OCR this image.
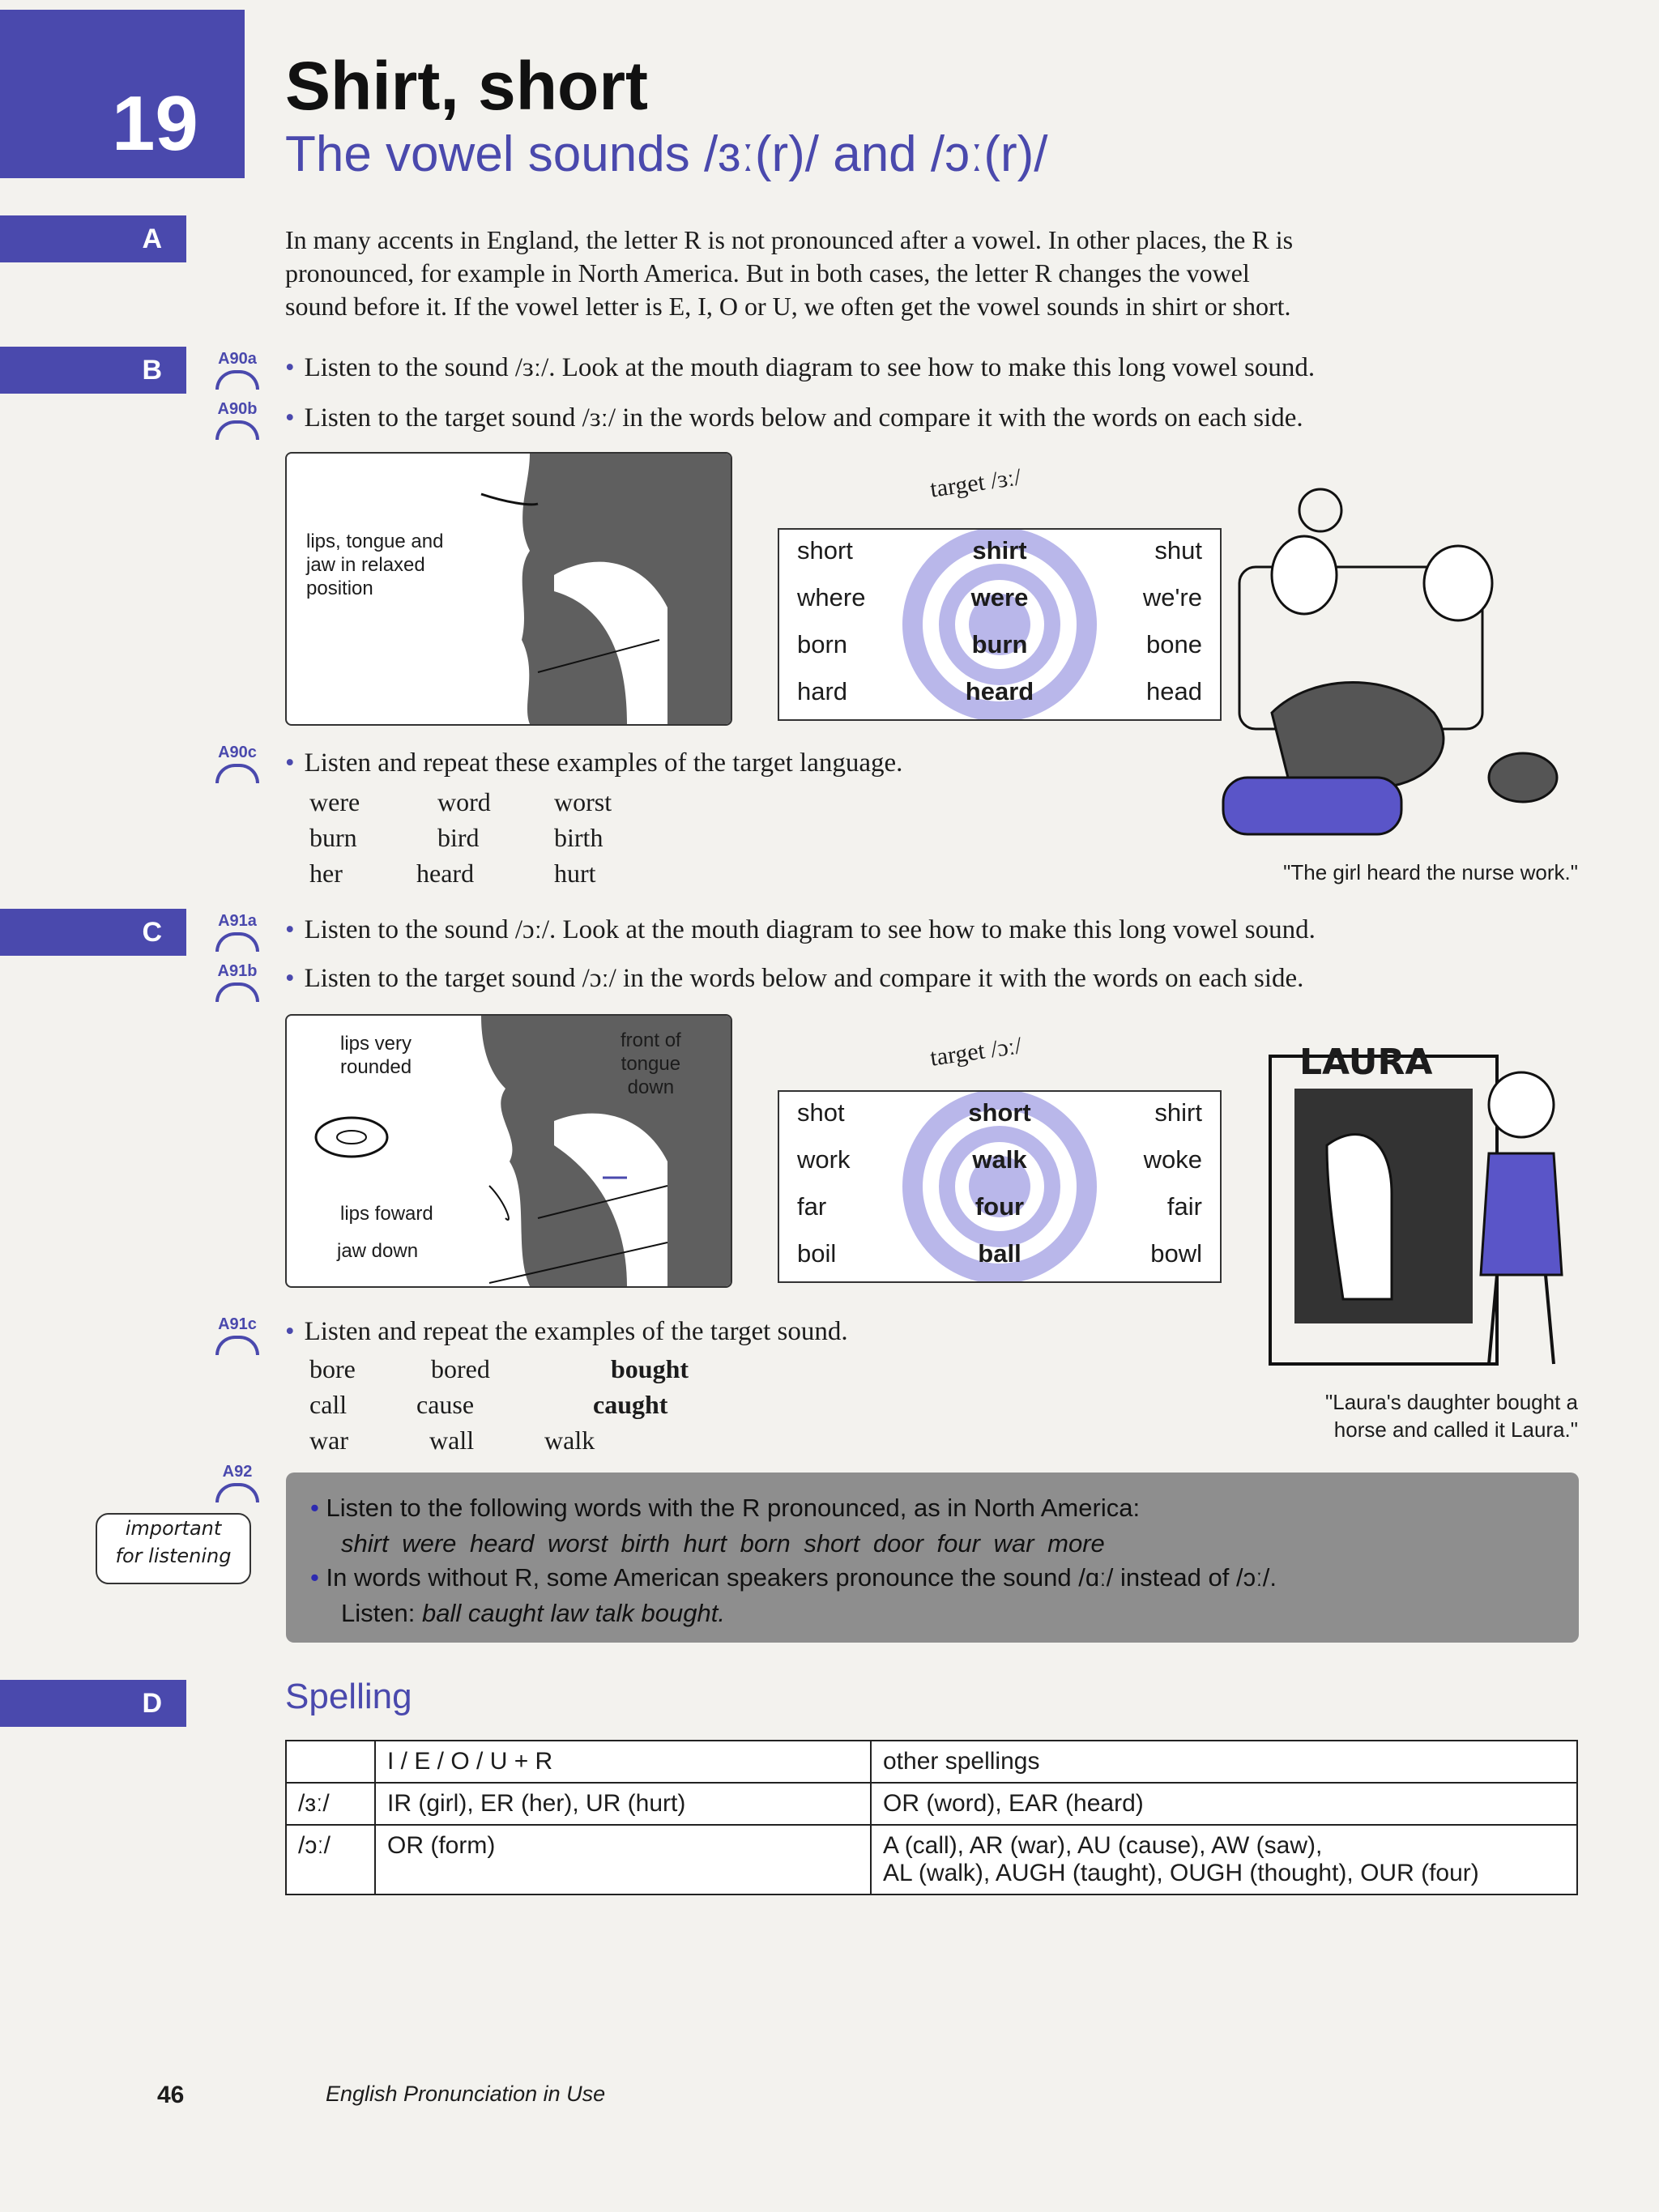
19 Shirt, short
The vowel sounds /ɜː(r)/ and /ɔː(r)/
A	In many accents in England, the letter R is not pronounced after a vowel. In other places, the R is
pronounced, for example in North America. But in both cases, the letter R changes the vowel
sound before it. If the vowel letter is E, I, O or U, we often get the vowel sounds in shirt or short.
B	A90a • Listen to the sound /ɜː/. Look at the mouth diagram to see how to make this long vowel sound.
A90b • Listen to the target sound /ɜː/ in the words below and compare it with the words on each side.
lips, tongue and
jaw in relaxed
position
target /ɜː/
short	shirt	shut
where	were	we're
born	burn	bone
hard	heard	head
A90c • Listen and repeat these examples of the target language.
were	word worst
burn	bird	birth
her	heard	hurt	"The girl heard the nurse work."
C	A91a • Listen to the sound /ɔː/. Look at the mouth diagram to see how to make this long vowel sound.
A91b • Listen to the target sound /ɔː/ in the words below and compare it with the words on each side.
lips very
rounded
front of
tongue
down
lips foward
jaw down
target /ɔː/
shot	short	shirt
work	walk	woke
far	four	fair
boil	ball	bowl
LAURA
A91c • Listen and repeat the examples of the target sound.
bore	bored	bought
call	cause	caught
war	wall	walk
"Laura's daughter bought a
horse and called it Laura."
A92
important
for listening
• Listen to the following words with the R pronounced, as in North America:
shirt were heard worst birth hurt born short door four war more
• In words without R, some American speakers pronounce the sound /ɑː/ instead of /ɔː/.
Listen: ball caught law talk bought.
D	Spelling
	I / E / O / U + R	other spellings
/ɜː/	IR (girl), ER (her), UR (hurt)	OR (word), EAR (heard)
/ɔː/	OR (form)	A (call), AR (war), AU (cause), AW (saw),
AL (walk), AUGH (taught), OUGH (thought), OUR (four)
46	English Pronunciation in Use
